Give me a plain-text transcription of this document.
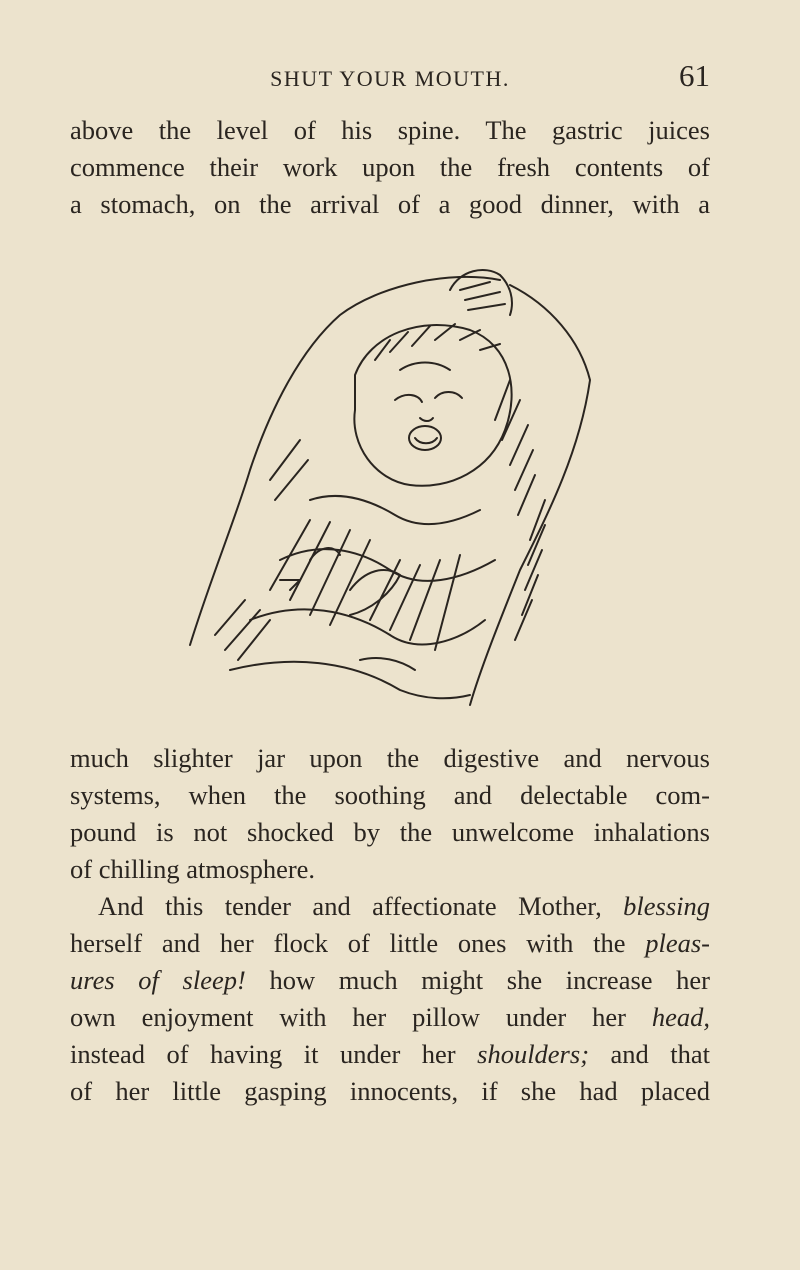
SHUT YOUR MOUTH.	61
above the level of his spine. The gastric juices
commence their work upon the fresh contents of
a stomach, on the arrival of a good dinner, with a
much slighter jar upon the digestive and nervous
systems, when the soothing and delectable com-
pound is not shocked by the unwelcome inhalations
of chilling atmosphere.
And this tender and affectionate Mother, blessing
herself and her flock of little ones with the pleas-
ures of sleep! how much might she increase her
own enjoyment with her pillow under her head,
instead of having it under her shoulders; and that
of her little gasping innocents, if she had placed
